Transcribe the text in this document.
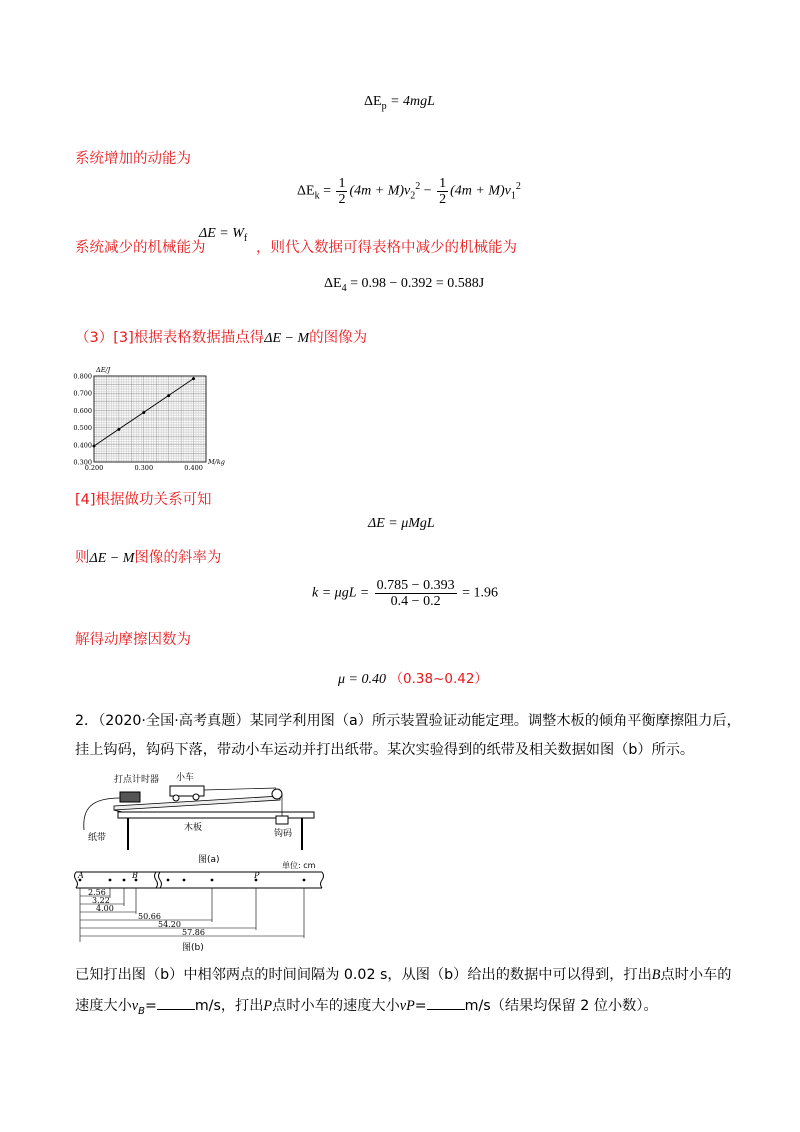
$\Delta E_p = 4mgL$
系统增加的动能为
$\Delta E_k = \frac{1}{2} (4m + M)v_2^2 - \frac{1}{2} (4m + M)v_1^2$
系统减少的机械能为
$\Delta E = W_f$
，则代入数据可得表格中减少的机械能为
$\Delta E_4 = 0.98 - 0.392 = 0.588J$
（3）[3]根据表格数据描点得ΔE − M的图像为
0.800
0.700
0.600
0.500
0.400
0.300
0.200	0.300	0.400
ΔE/J
M/kg
[4]根据做功关系可知
ΔE = μMgL
则ΔE − M图像的斜率为
$k = \mu gL = \frac{0.785 - 0.393}{0.4 - 0.2} = 1.96$
解得动摩擦因数为
μ = 0.40 （0.38~0.42）
2．（2020·全国·高考真题）某同学利用图（a）所示装置验证动能定理。调整木板的倾角平衡摩擦阻力后，
挂上钩码，钩码下落，带动小车运动并打出纸带。某次实验得到的纸带及相关数据如图（b）所示。
打点计时器 小车
纸带
木板
钩码
图(a)
单位: cm
A	B	P
2.56
3.22
4.00
50.66
54.20
57.86
图(b)
已知打出图（b）中相邻两点的时间间隔为 0.02 s，从图（b）给出的数据中可以得到，打出B点时小车的
速度大小$v_B=$	m/s，打出P点时小车的速度大小vP=	m/s（结果均保留 2 位小数）。
